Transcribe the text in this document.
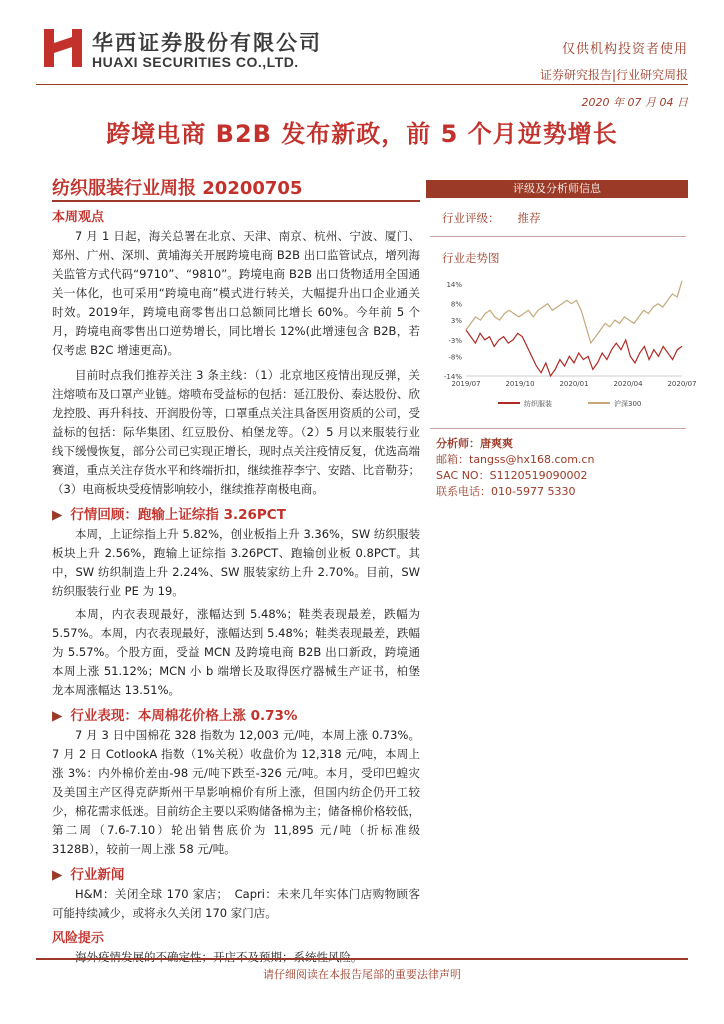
华西证券股份有限公司
HUAXI SECURITIES CO.,LTD.
仅供机构投资者使用
证券研究报告|行业研究周报
2020 年 07 月 04 日
跨境电商 B2B 发布新政，前 5 个月逆势增长
纺织服装行业周报 20200705
本周观点

7 月 1 日起，海关总署在北京、天津、南京、杭州、宁波、厦门、郑州、广州、深圳、黄埔海关开展跨境电商 B2B 出口监管试点，增列海关监管方式代码“9710”、“9810”。跨境电商 B2B 出口货物适用全国通关一体化，也可采用“跨境电商”模式进行转关，大幅提升出口企业通关时效。2019年，跨境电商零售出口总额同比增长 60%。今年前 5 个月，跨境电商零售出口逆势增长，同比增长 12%(此增速包含 B2B，若仅考虑 B2C 增速更高)。

目前时点我们推荐关注 3 条主线：（1）北京地区疫情出现反弹，关注熔喷布及口罩产业链。熔喷布受益标的包括：延江股份、泰达股份、欣龙控股、再升科技、开润股份等，口罩重点关注具备医用资质的公司，受益标的包括：际华集团、红豆股份、柏堡龙等。（2）5 月以来服装行业线下缓慢恢复，部分公司已实现正增长，现时点关注疫情反复，优选高端赛道，重点关注存货水平和终端折扣，继续推荐李宁、安踏、比音勒芬；（3）电商板块受疫情影响较小，继续推荐南极电商。

▶ 行情回顾：跑输上证综指 3.26PCT

本周，上证综指上升 5.82%，创业板指上升 3.36%，SW 纺织服装板块上升 2.56%，跑输上证综指 3.26PCT、跑输创业板 0.8PCT。其中，SW 纺织制造上升 2.24%、SW 服装家纺上升 2.70%。目前，SW 纺织服装行业 PE 为 19。

本周，内衣表现最好，涨幅达到 5.48%；鞋类表现最差，跌幅为 5.57%。本周，内衣表现最好，涨幅达到 5.48%；鞋类表现最差，跌幅为 5.57%。个股方面，受益 MCN 及跨境电商 B2B 出口新政，跨境通本周上涨 51.12%；MCN 小 b 端增长及取得医疗器械生产证书，柏堡龙本周涨幅达 13.51%。

▶ 行业表现：本周棉花价格上涨 0.73%

7 月 3 日中国棉花 328 指数为 12,003 元/吨，本周上涨 0.73%。7 月 2 日 CotlookA 指数（1%关税）收盘价为 12,318 元/吨，本周上涨 3%：内外棉价差由-98 元/吨下跌至-326 元/吨。本月，受印巴蝗灾及美国主产区得克萨斯州干旱影响棉价有所上涨，但国内纺企仍开工较少，棉花需求低迷。目前纺企主要以采购储备棉为主；储备棉价格较低，第二周（7.6-7.10）轮出销售底价为 11,895 元/吨（折标准级 3128B），较前一周上涨 58 元/吨。

▶ 行业新闻

H&M：关闭全球 170 家店；　Capri：未来几年实体门店购物顾客可能持续减少，或将永久关闭 170 家门店。

风险提示

海外疫情发展的不确定性；开店不及预期；系统性风险。

评级及分析师信息
行业评级： 推荐
行业走势图
14%
8%
3%
-3%
-8%
-14%
2019/07	2019/10	2020/01	2020/04	2020/07
纺织服装	沪深300
分析师：唐爽爽
邮箱：tangss@hx168.com.cn
SAC NO：S1120519090002
联系电话：010-5977 5330
请仔细阅读在本报告尾部的重要法律声明
